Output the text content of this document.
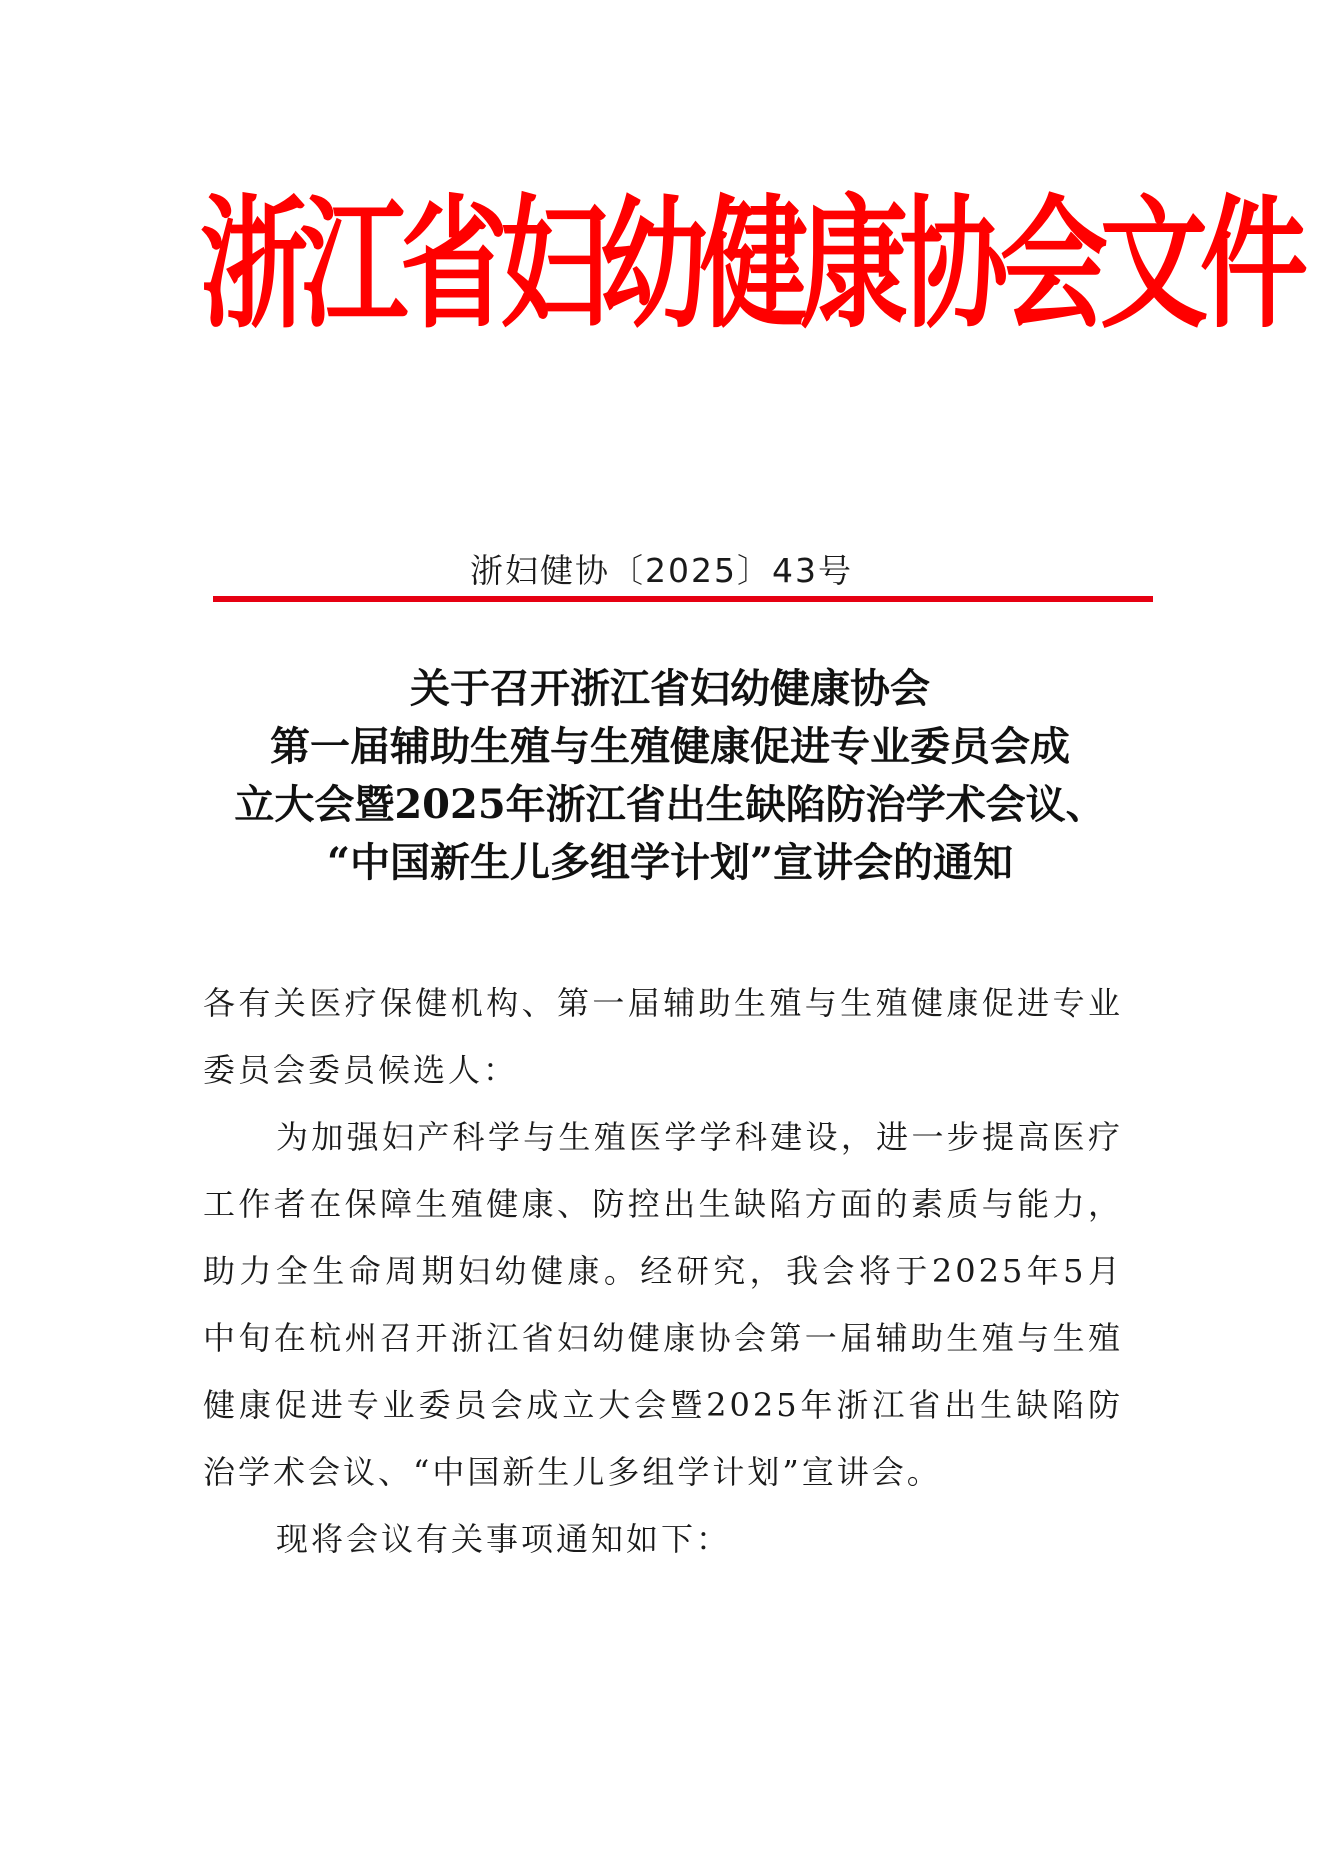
浙江省妇幼健康协会文件
浙妇健协〔2025〕43号
关于召开浙江省妇幼健康协会
第一届辅助生殖与生殖健康促进专业委员会成
立大会暨2025年浙江省出生缺陷防治学术会议、
“中国新生儿多组学计划”宣讲会的通知

各有关医疗保健机构、第一届辅助生殖与生殖健康促进专业委员会委员候选人：

为加强妇产科学与生殖医学学科建设，进一步提高医疗工作者在保障生殖健康、防控出生缺陷方面的素质与能力，助力全生命周期妇幼健康。经研究，我会将于2025年5月中旬在杭州召开浙江省妇幼健康协会第一届辅助生殖与生殖健康促进专业委员会成立大会暨2025年浙江省出生缺陷防治学术会议、“中国新生儿多组学计划”宣讲会。

现将会议有关事项通知如下：
